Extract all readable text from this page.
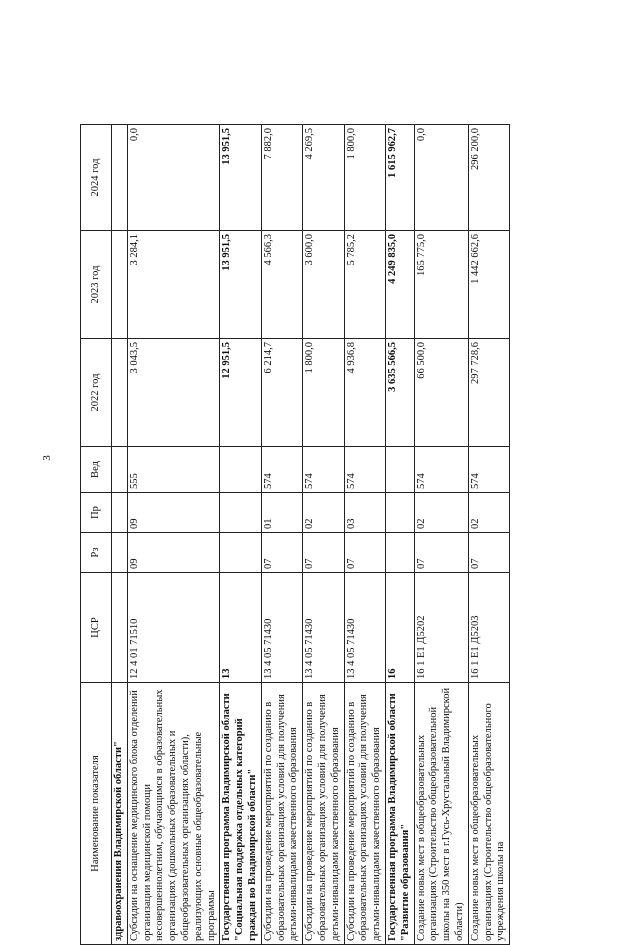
3
Наименование показателя	ЦСР	Рз	Пр	Вед	2022 год	2023 год	2024 год
здравоохранения Владимирской области"							
Субсидии на оснащение медицинского блока отделений организации медицинской помощи несовершеннолетним, обучающимся в образовательных организациях (дошкольных образовательных и общеобразовательных организациях области), реализующих основные общеобразовательные программы	12 4 01 71510	09	09	555	3 043,5	3 284,1	0,0
Государственная программа Владимирской области "Социальная поддержка отдельных категорий граждан во Владимирской области"	13				12 951,5	13 951,5	13 951,5
Субсидии на проведение мероприятий по созданию в образовательных организациях условий для получения детьми-инвалидами качественного образования	13 4 05 71430	07	01	574	6 214,7	4 566,3	7 882,0
Субсидии на проведение мероприятий по созданию в образовательных организациях условий для получения детьми-инвалидами качественного образования	13 4 05 71430	07	02	574	1 800,0	3 600,0	4 269,5
Субсидии на проведение мероприятий по созданию в образовательных организациях условий для получения детьми-инвалидами качественного образования	13 4 05 71430	07	03	574	4 936,8	5 785,2	1 800,0
Государственная программа Владимирской области "Развитие образования"	16				3 635 566,5	4 249 835,0	1 615 962,7
Создание новых мест в общеобразовательных организациях (Строительство общеобразовательной школы на 350 мест в г.Гусь-Хрустальный Владимирской области)	16 1 E1 Д5202	07	02	574	66 500,0	165 775,0	0,0
Создание новых мест в общеобразовательных организациях (Строительство общеобразовательного учреждения школы на	16 1 E1 Д5203	07	02	574	297 728,6	1 442 662,6	296 200,0
